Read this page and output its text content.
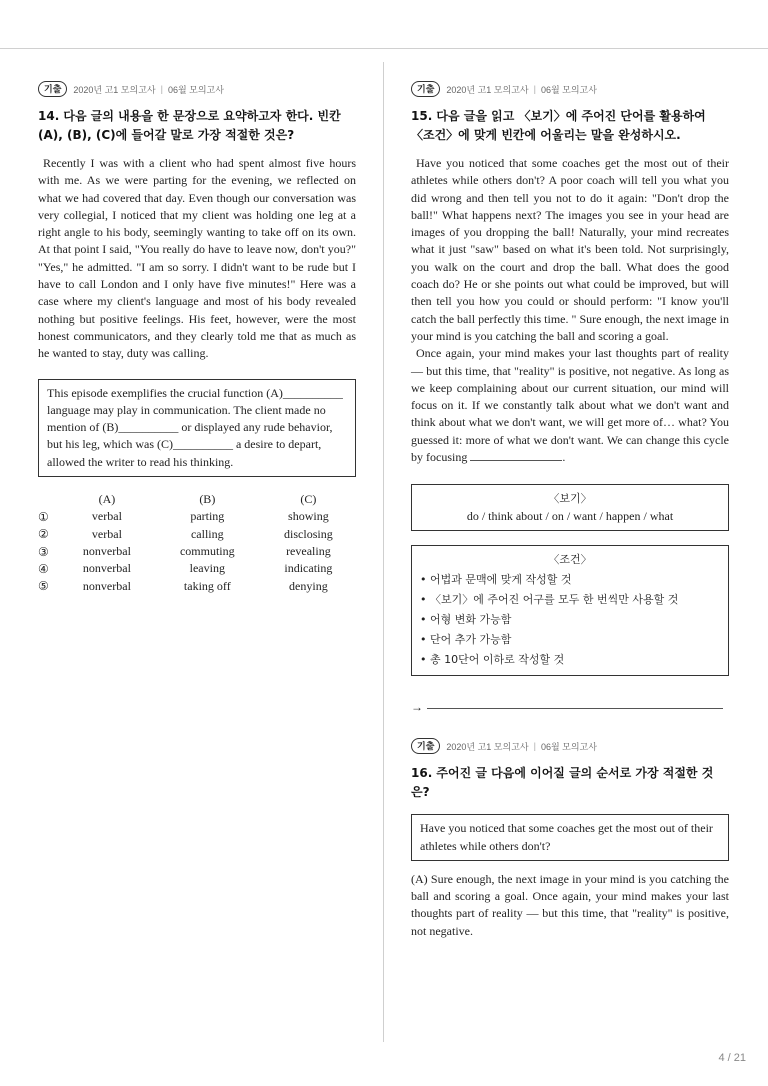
기출	2020년 고1 모의고사 | 06월 모의고사
14. 다음 글의 내용을 한 문장으로 요약하고자 한다. 빈칸 (A), (B), (C)에 들어갈 말로 가장 적절한 것은?

Recently I was with a client who had spent almost five hours with me. As we were parting for the evening, we reflected on what we had covered that day. Even though our conversation was very collegial, I noticed that my client was holding one leg at a right angle to his body, seemingly wanting to take off on its own. At that point I said, "You really do have to leave now, don't you?" "Yes," he admitted. "I am so sorry. I didn't want to be rude but I have to call London and I only have five minutes!" Here was a case where my client's language and most of his body revealed nothing but positive feelings. His feet, however, were the most honest communicators, and they clearly told me that as much as he wanted to stay, duty was calling.

This episode exemplifies the crucial function (A)__________ language may play in communication. The client made no mention of (B)__________ or displayed any rude behavior, but his leg, which was (C)__________ a desire to depart, allowed the writer to read his thinking.
	(A)	(B)	(C)
①	verbal	parting	showing
②	verbal	calling	disclosing
③	nonverbal	commuting	revealing
④	nonverbal	leaving	indicating
⑤	nonverbal	taking off	denying
기출	2020년 고1 모의고사 | 06월 모의고사
15. 다음 글을 읽고 〈보기〉에 주어진 단어를 활용하여 〈조건〉에 맞게 빈칸에 어울리는 말을 완성하시오.

Have you noticed that some coaches get the most out of their athletes while others don't? A poor coach will tell you what you did wrong and then tell you not to do it again: "Don't drop the ball!" What happens next? The images you see in your head are images of you dropping the ball! Naturally, your mind recreates what it just "saw" based on what it's been told. Not surprisingly, you walk on the court and drop the ball. What does the good coach do? He or she points out what could be improved, but will then tell you how you could or should perform: "I know you'll catch the ball perfectly this time. " Sure enough, the next image in your mind is you catching the ball and scoring a goal.

Once again, your mind makes your last thoughts part of reality — but this time, that "reality" is positive, not negative. As long as we keep complaining about our current situation, our mind will focus on it. If we constantly talk about what we don't want and think about what we don't want, we will get more of… what? You guessed it: more of what we don't want. We can change this cycle by focusing	.

〈보기〉
do / think about / on / want / happen / what
〈조건〉
• 어법과 문맥에 맞게 작성할 것
• 〈보기〉에 주어진 어구를 모두 한 번씩만 사용할 것
• 어형 변화 가능함
• 단어 추가 가능함
• 총 10단어 이하로 작성할 것
→
기출	2020년 고1 모의고사 | 06월 모의고사
16. 주어진 글 다음에 이어질 글의 순서로 가장 적절한 것은?
Have you noticed that some coaches get the most out of their athletes while others don't?

(A) Sure enough, the next image in your mind is you catching the ball and scoring a goal. Once again, your mind makes your last thoughts part of reality — but this time, that "reality" is positive, not negative.

4 / 21
